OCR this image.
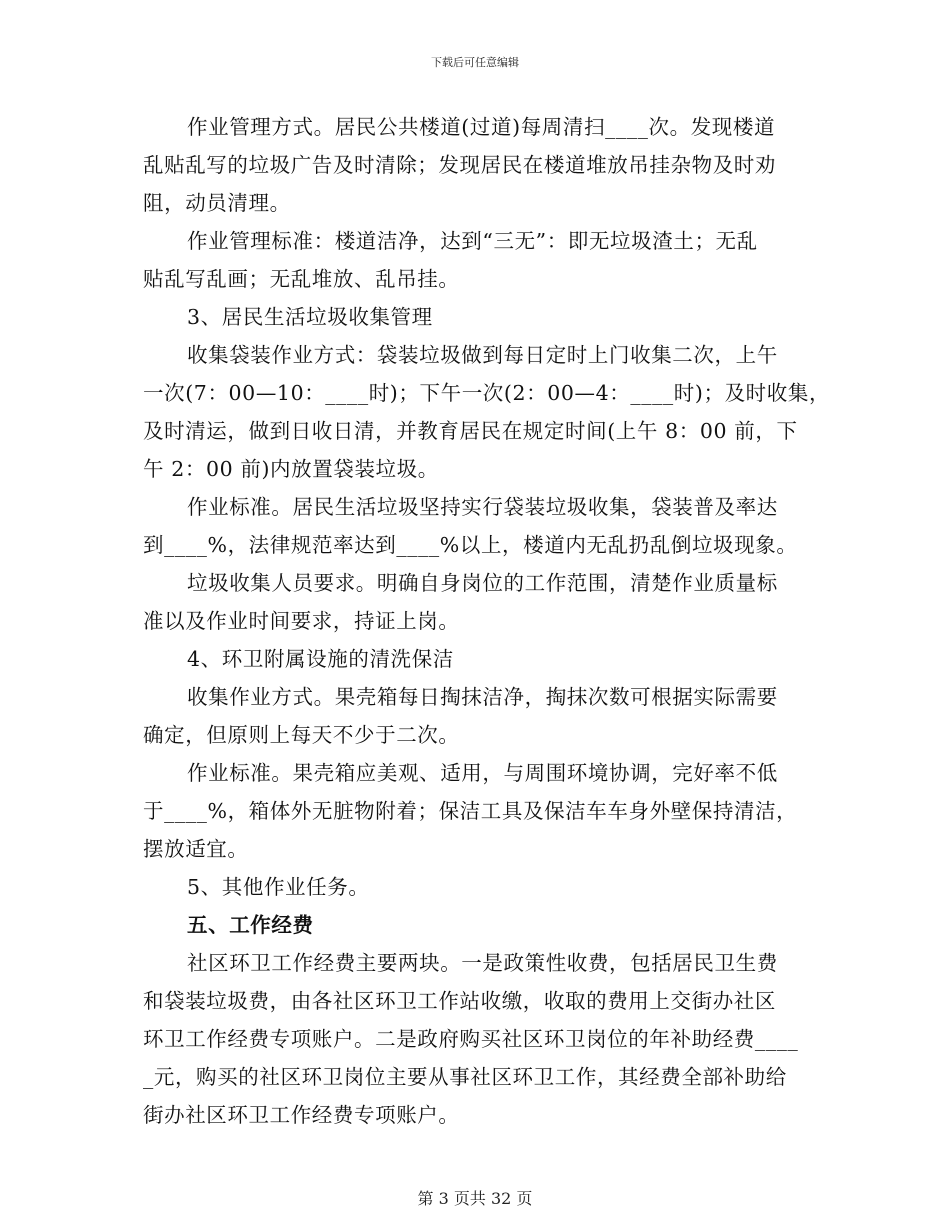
下载后可任意编辑
作业管理方式。居民公共楼道(过道)每周清扫____次。发现楼道
乱贴乱写的垃圾广告及时清除；发现居民在楼道堆放吊挂杂物及时劝
阻，动员清理。
作业管理标准：楼道洁净，达到“三无”：即无垃圾渣土；无乱
贴乱写乱画；无乱堆放、乱吊挂。
3、居民生活垃圾收集管理
收集袋装作业方式：袋装垃圾做到每日定时上门收集二次，上午
一次(7：00—10：____时)；下午一次(2：00—4：____时)；及时收集，
及时清运，做到日收日清，并教育居民在规定时间(上午 8：00 前，下
午 2：00 前)内放置袋装垃圾。
作业标准。居民生活垃圾坚持实行袋装垃圾收集，袋装普及率达
到____%，法律规范率达到____%以上，楼道内无乱扔乱倒垃圾现象。
垃圾收集人员要求。明确自身岗位的工作范围，清楚作业质量标
准以及作业时间要求，持证上岗。
4、环卫附属设施的清洗保洁
收集作业方式。果壳箱每日掏抹洁净，掏抹次数可根据实际需要
确定，但原则上每天不少于二次。
作业标准。果壳箱应美观、适用，与周围环境协调，完好率不低
于____%，箱体外无脏物附着；保洁工具及保洁车车身外壁保持清洁，
摆放适宜。
5、其他作业任务。
五、工作经费
社区环卫工作经费主要两块。一是政策性收费，包括居民卫生费
和袋装垃圾费，由各社区环卫工作站收缴，收取的费用上交街办社区
环卫工作经费专项账户。二是政府购买社区环卫岗位的年补助经费____
_元，购买的社区环卫岗位主要从事社区环卫工作，其经费全部补助给
街办社区环卫工作经费专项账户。
第 3 页共 32 页
